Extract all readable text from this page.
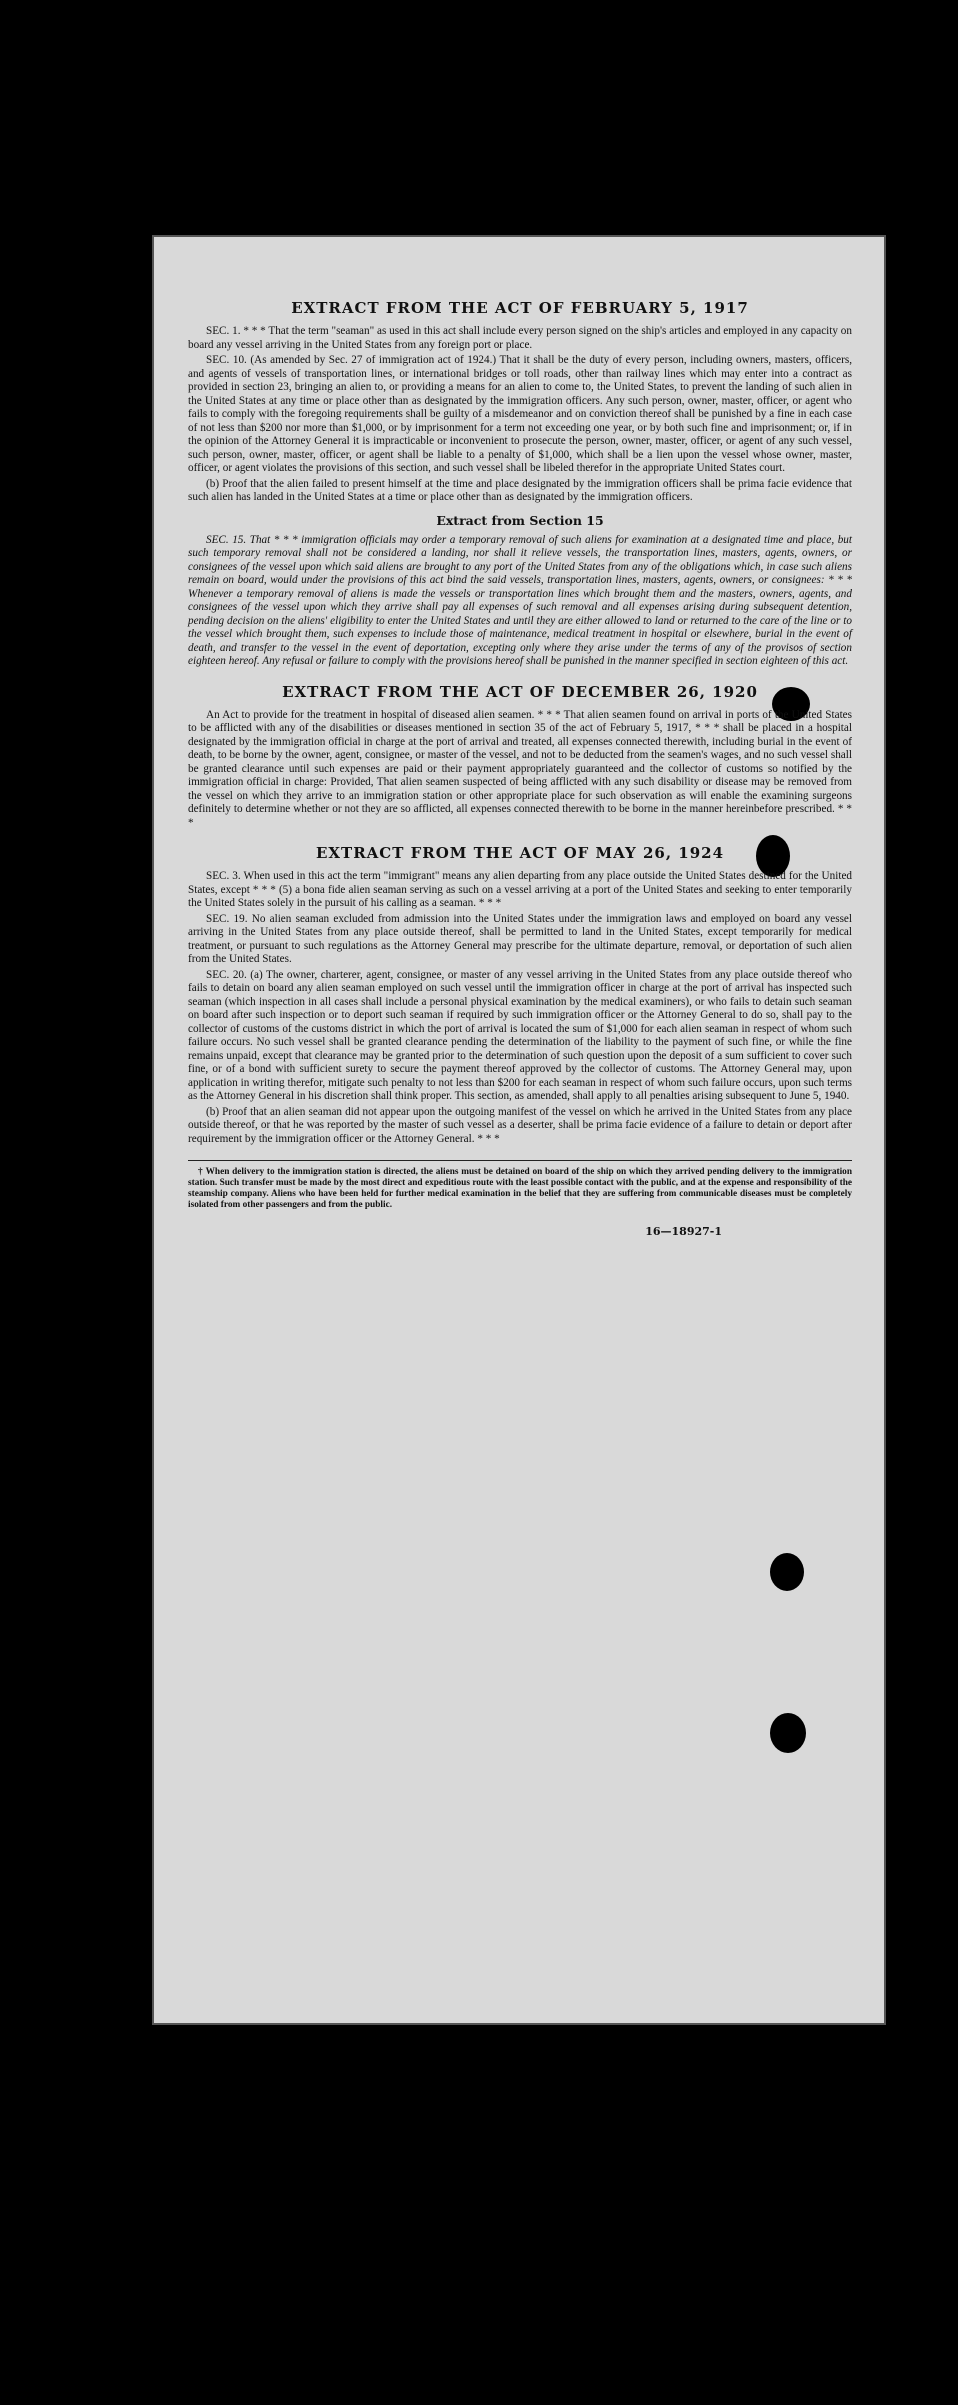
EXTRACT FROM THE ACT OF FEBRUARY 5, 1917

SEC. 1. * * * That the term "seaman" as used in this act shall include every person signed on the ship's articles and employed in any capacity on board any vessel arriving in the United States from any foreign port or place.

SEC. 10. (As amended by Sec. 27 of immigration act of 1924.) That it shall be the duty of every person, including owners, masters, officers, and agents of vessels of transportation lines, or international bridges or toll roads, other than railway lines which may enter into a contract as provided in section 23, bringing an alien to, or providing a means for an alien to come to, the United States, to prevent the landing of such alien in the United States at any time or place other than as designated by the immigration officers. Any such person, owner, master, officer, or agent who fails to comply with the foregoing requirements shall be guilty of a misdemeanor and on conviction thereof shall be punished by a fine in each case of not less than $200 nor more than $1,000, or by imprisonment for a term not exceeding one year, or by both such fine and imprisonment; or, if in the opinion of the Attorney General it is impracticable or inconvenient to prosecute the person, owner, master, officer, or agent of any such vessel, such person, owner, master, officer, or agent shall be liable to a penalty of $1,000, which shall be a lien upon the vessel whose owner, master, officer, or agent violates the provisions of this section, and such vessel shall be libeled therefor in the appropriate United States court.

(b) Proof that the alien failed to present himself at the time and place designated by the immigration officers shall be prima facie evidence that such alien has landed in the United States at a time or place other than as designated by the immigration officers.

Extract from Section 15

SEC. 15. That * * * immigration officials may order a temporary removal of such aliens for examination at a designated time and place, but such temporary removal shall not be considered a landing, nor shall it relieve vessels, the transportation lines, masters, agents, owners, or consignees of the vessel upon which said aliens are brought to any port of the United States from any of the obligations which, in case such aliens remain on board, would under the provisions of this act bind the said vessels, transportation lines, masters, agents, owners, or consignees: * * * Whenever a temporary removal of aliens is made the vessels or transportation lines which brought them and the masters, owners, agents, and consignees of the vessel upon which they arrive shall pay all expenses of such removal and all expenses arising during subsequent detention, pending decision on the aliens' eligibility to enter the United States and until they are either allowed to land or returned to the care of the line or to the vessel which brought them, such expenses to include those of maintenance, medical treatment in hospital or elsewhere, burial in the event of death, and transfer to the vessel in the event of deportation, excepting only where they arise under the terms of any of the provisos of section eighteen hereof. Any refusal or failure to comply with the provisions hereof shall be punished in the manner specified in section eighteen of this act.

EXTRACT FROM THE ACT OF DECEMBER 26, 1920

An Act to provide for the treatment in hospital of diseased alien seamen. * * * That alien seamen found on arrival in ports of the United States to be afflicted with any of the disabilities or diseases mentioned in section 35 of the act of February 5, 1917, * * * shall be placed in a hospital designated by the immigration official in charge at the port of arrival and treated, all expenses connected therewith, including burial in the event of death, to be borne by the owner, agent, consignee, or master of the vessel, and not to be deducted from the seamen's wages, and no such vessel shall be granted clearance until such expenses are paid or their payment appropriately guaranteed and the collector of customs so notified by the immigration official in charge: Provided, That alien seamen suspected of being afflicted with any such disability or disease may be removed from the vessel on which they arrive to an immigration station or other appropriate place for such observation as will enable the examining surgeons definitely to determine whether or not they are so afflicted, all expenses connected therewith to be borne in the manner hereinbefore prescribed. * * *

EXTRACT FROM THE ACT OF MAY 26, 1924

SEC. 3. When used in this act the term "immigrant" means any alien departing from any place outside the United States destined for the United States, except * * * (5) a bona fide alien seaman serving as such on a vessel arriving at a port of the United States and seeking to enter temporarily the United States solely in the pursuit of his calling as a seaman. * * *

SEC. 19. No alien seaman excluded from admission into the United States under the immigration laws and employed on board any vessel arriving in the United States from any place outside thereof, shall be permitted to land in the United States, except temporarily for medical treatment, or pursuant to such regulations as the Attorney General may prescribe for the ultimate departure, removal, or deportation of such alien from the United States.

SEC. 20. (a) The owner, charterer, agent, consignee, or master of any vessel arriving in the United States from any place outside thereof who fails to detain on board any alien seaman employed on such vessel until the immigration officer in charge at the port of arrival has inspected such seaman (which inspection in all cases shall include a personal physical examination by the medical examiners), or who fails to detain such seaman on board after such inspection or to deport such seaman if required by such immigration officer or the Attorney General to do so, shall pay to the collector of customs of the customs district in which the port of arrival is located the sum of $1,000 for each alien seaman in respect of whom such failure occurs. No such vessel shall be granted clearance pending the determination of the liability to the payment of such fine, or while the fine remains unpaid, except that clearance may be granted prior to the determination of such question upon the deposit of a sum sufficient to cover such fine, or of a bond with sufficient surety to secure the payment thereof approved by the collector of customs. The Attorney General may, upon application in writing therefor, mitigate such penalty to not less than $200 for each seaman in respect of whom such failure occurs, upon such terms as the Attorney General in his discretion shall think proper. This section, as amended, shall apply to all penalties arising subsequent to June 5, 1940.

(b) Proof that an alien seaman did not appear upon the outgoing manifest of the vessel on which he arrived in the United States from any place outside thereof, or that he was reported by the master of such vessel as a deserter, shall be prima facie evidence of a failure to detain or deport after requirement by the immigration officer or the Attorney General. * * *

† When delivery to the immigration station is directed, the aliens must be detained on board of the ship on which they arrived pending delivery to the immigration station. Such transfer must be made by the most direct and expeditious route with the least possible contact with the public, and at the expense and responsibility of the steamship company. Aliens who have been held for further medical examination in the belief that they are suffering from communicable diseases must be completely isolated from other passengers and from the public.

16—18927-1
